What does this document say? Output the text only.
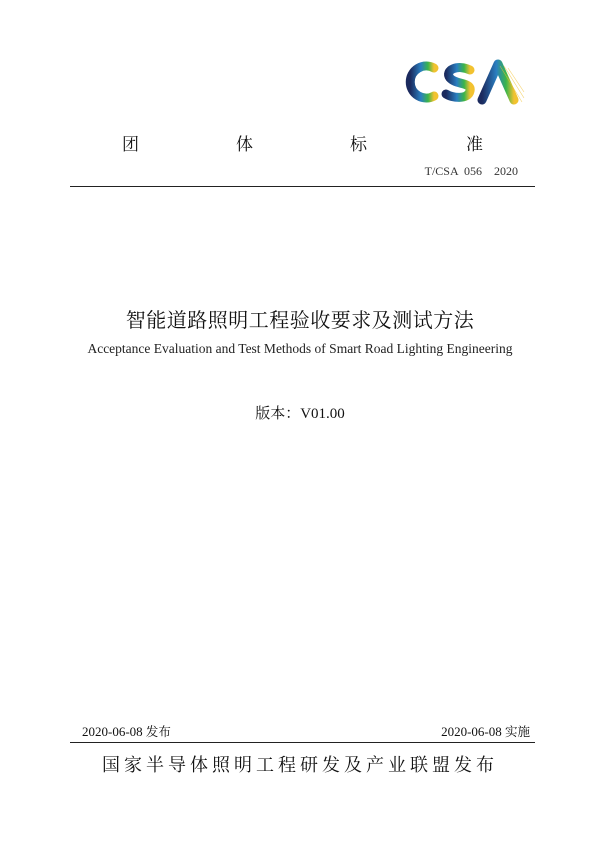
团	体	标	准
T/CSA  056    2020
智能道路照明工程验收要求及测试方法
Acceptance Evaluation and Test Methods of Smart Road Lighting Engineering
版本：V01.00
2020-06-08 发布	2020-06-08 实施
国家半导体照明工程研发及产业联盟发布
